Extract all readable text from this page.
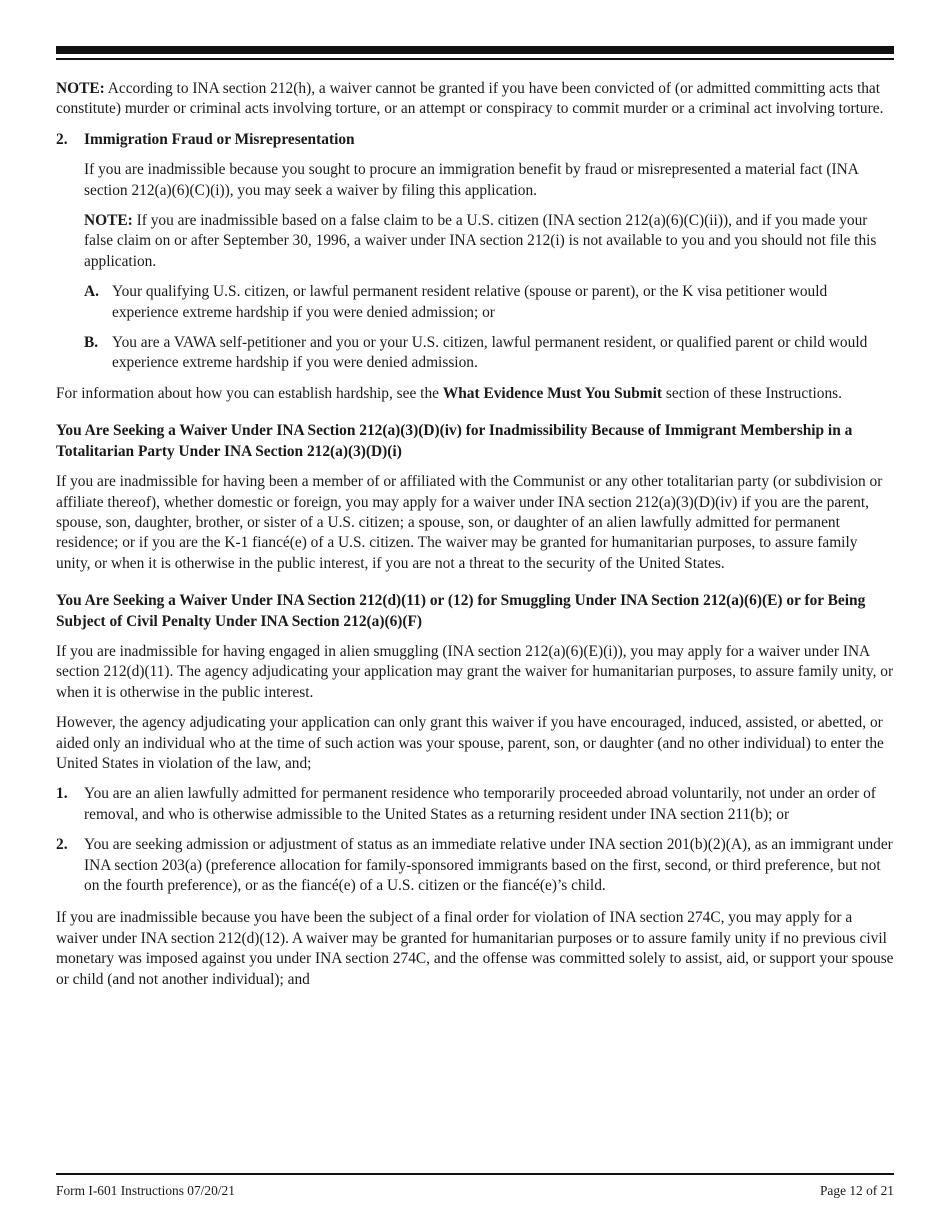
NOTE: According to INA section 212(h), a waiver cannot be granted if you have been convicted of (or admitted committing acts that constitute) murder or criminal acts involving torture, or an attempt or conspiracy to commit murder or a criminal act involving torture.

2.	Immigration Fraud or Misrepresentation

If you are inadmissible because you sought to procure an immigration benefit by fraud or misrepresented a material fact (INA section 212(a)(6)(C)(i)), you may seek a waiver by filing this application.

NOTE: If you are inadmissible based on a false claim to be a U.S. citizen (INA section 212(a)(6)(C)(ii)), and if you made your false claim on or after September 30, 1996, a waiver under INA section 212(i) is not available to you and you should not file this application.

A. Your qualifying U.S. citizen, or lawful permanent resident relative (spouse or parent), or the K visa petitioner would experience extreme hardship if you were denied admission; or
B. You are a VAWA self-petitioner and you or your U.S. citizen, lawful permanent resident, or qualified parent or child would experience extreme hardship if you were denied admission.

For information about how you can establish hardship, see the What Evidence Must You Submit section of these Instructions.

You Are Seeking a Waiver Under INA Section 212(a)(3)(D)(iv) for Inadmissibility Because of Immigrant Membership in a Totalitarian Party Under INA Section 212(a)(3)(D)(i)

If you are inadmissible for having been a member of or affiliated with the Communist or any other totalitarian party (or subdivision or affiliate thereof), whether domestic or foreign, you may apply for a waiver under INA section 212(a)(3)(D)(iv) if you are the parent, spouse, son, daughter, brother, or sister of a U.S. citizen; a spouse, son, or daughter of an alien lawfully admitted for permanent residence; or if you are the K-1 fiancé(e) of a U.S. citizen. The waiver may be granted for humanitarian purposes, to assure family unity, or when it is otherwise in the public interest, if you are not a threat to the security of the United States.

You Are Seeking a Waiver Under INA Section 212(d)(11) or (12) for Smuggling Under INA Section 212(a)(6)(E) or for Being Subject of Civil Penalty Under INA Section 212(a)(6)(F)

If you are inadmissible for having engaged in alien smuggling (INA section 212(a)(6)(E)(i)), you may apply for a waiver under INA section 212(d)(11). The agency adjudicating your application may grant the waiver for humanitarian purposes, to assure family unity, or when it is otherwise in the public interest.

However, the agency adjudicating your application can only grant this waiver if you have encouraged, induced, assisted, or abetted, or aided only an individual who at the time of such action was your spouse, parent, son, or daughter (and no other individual) to enter the United States in violation of the law, and;

1.	You are an alien lawfully admitted for permanent residence who temporarily proceeded abroad voluntarily, not under an order of removal, and who is otherwise admissible to the United States as a returning resident under INA section 211(b); or
2.	You are seeking admission or adjustment of status as an immediate relative under INA section 201(b)(2)(A), as an immigrant under INA section 203(a) (preference allocation for family-sponsored immigrants based on the first, second, or third preference, but not on the fourth preference), or as the fiancé(e) of a U.S. citizen or the fiancé(e)’s child.

If you are inadmissible because you have been the subject of a final order for violation of INA section 274C, you may apply for a waiver under INA section 212(d)(12). A waiver may be granted for humanitarian purposes or to assure family unity if no previous civil monetary was imposed against you under INA section 274C, and the offense was committed solely to assist, aid, or support your spouse or child (and not another individual); and

Form I-601 Instructions 07/20/21	Page 12 of 21
